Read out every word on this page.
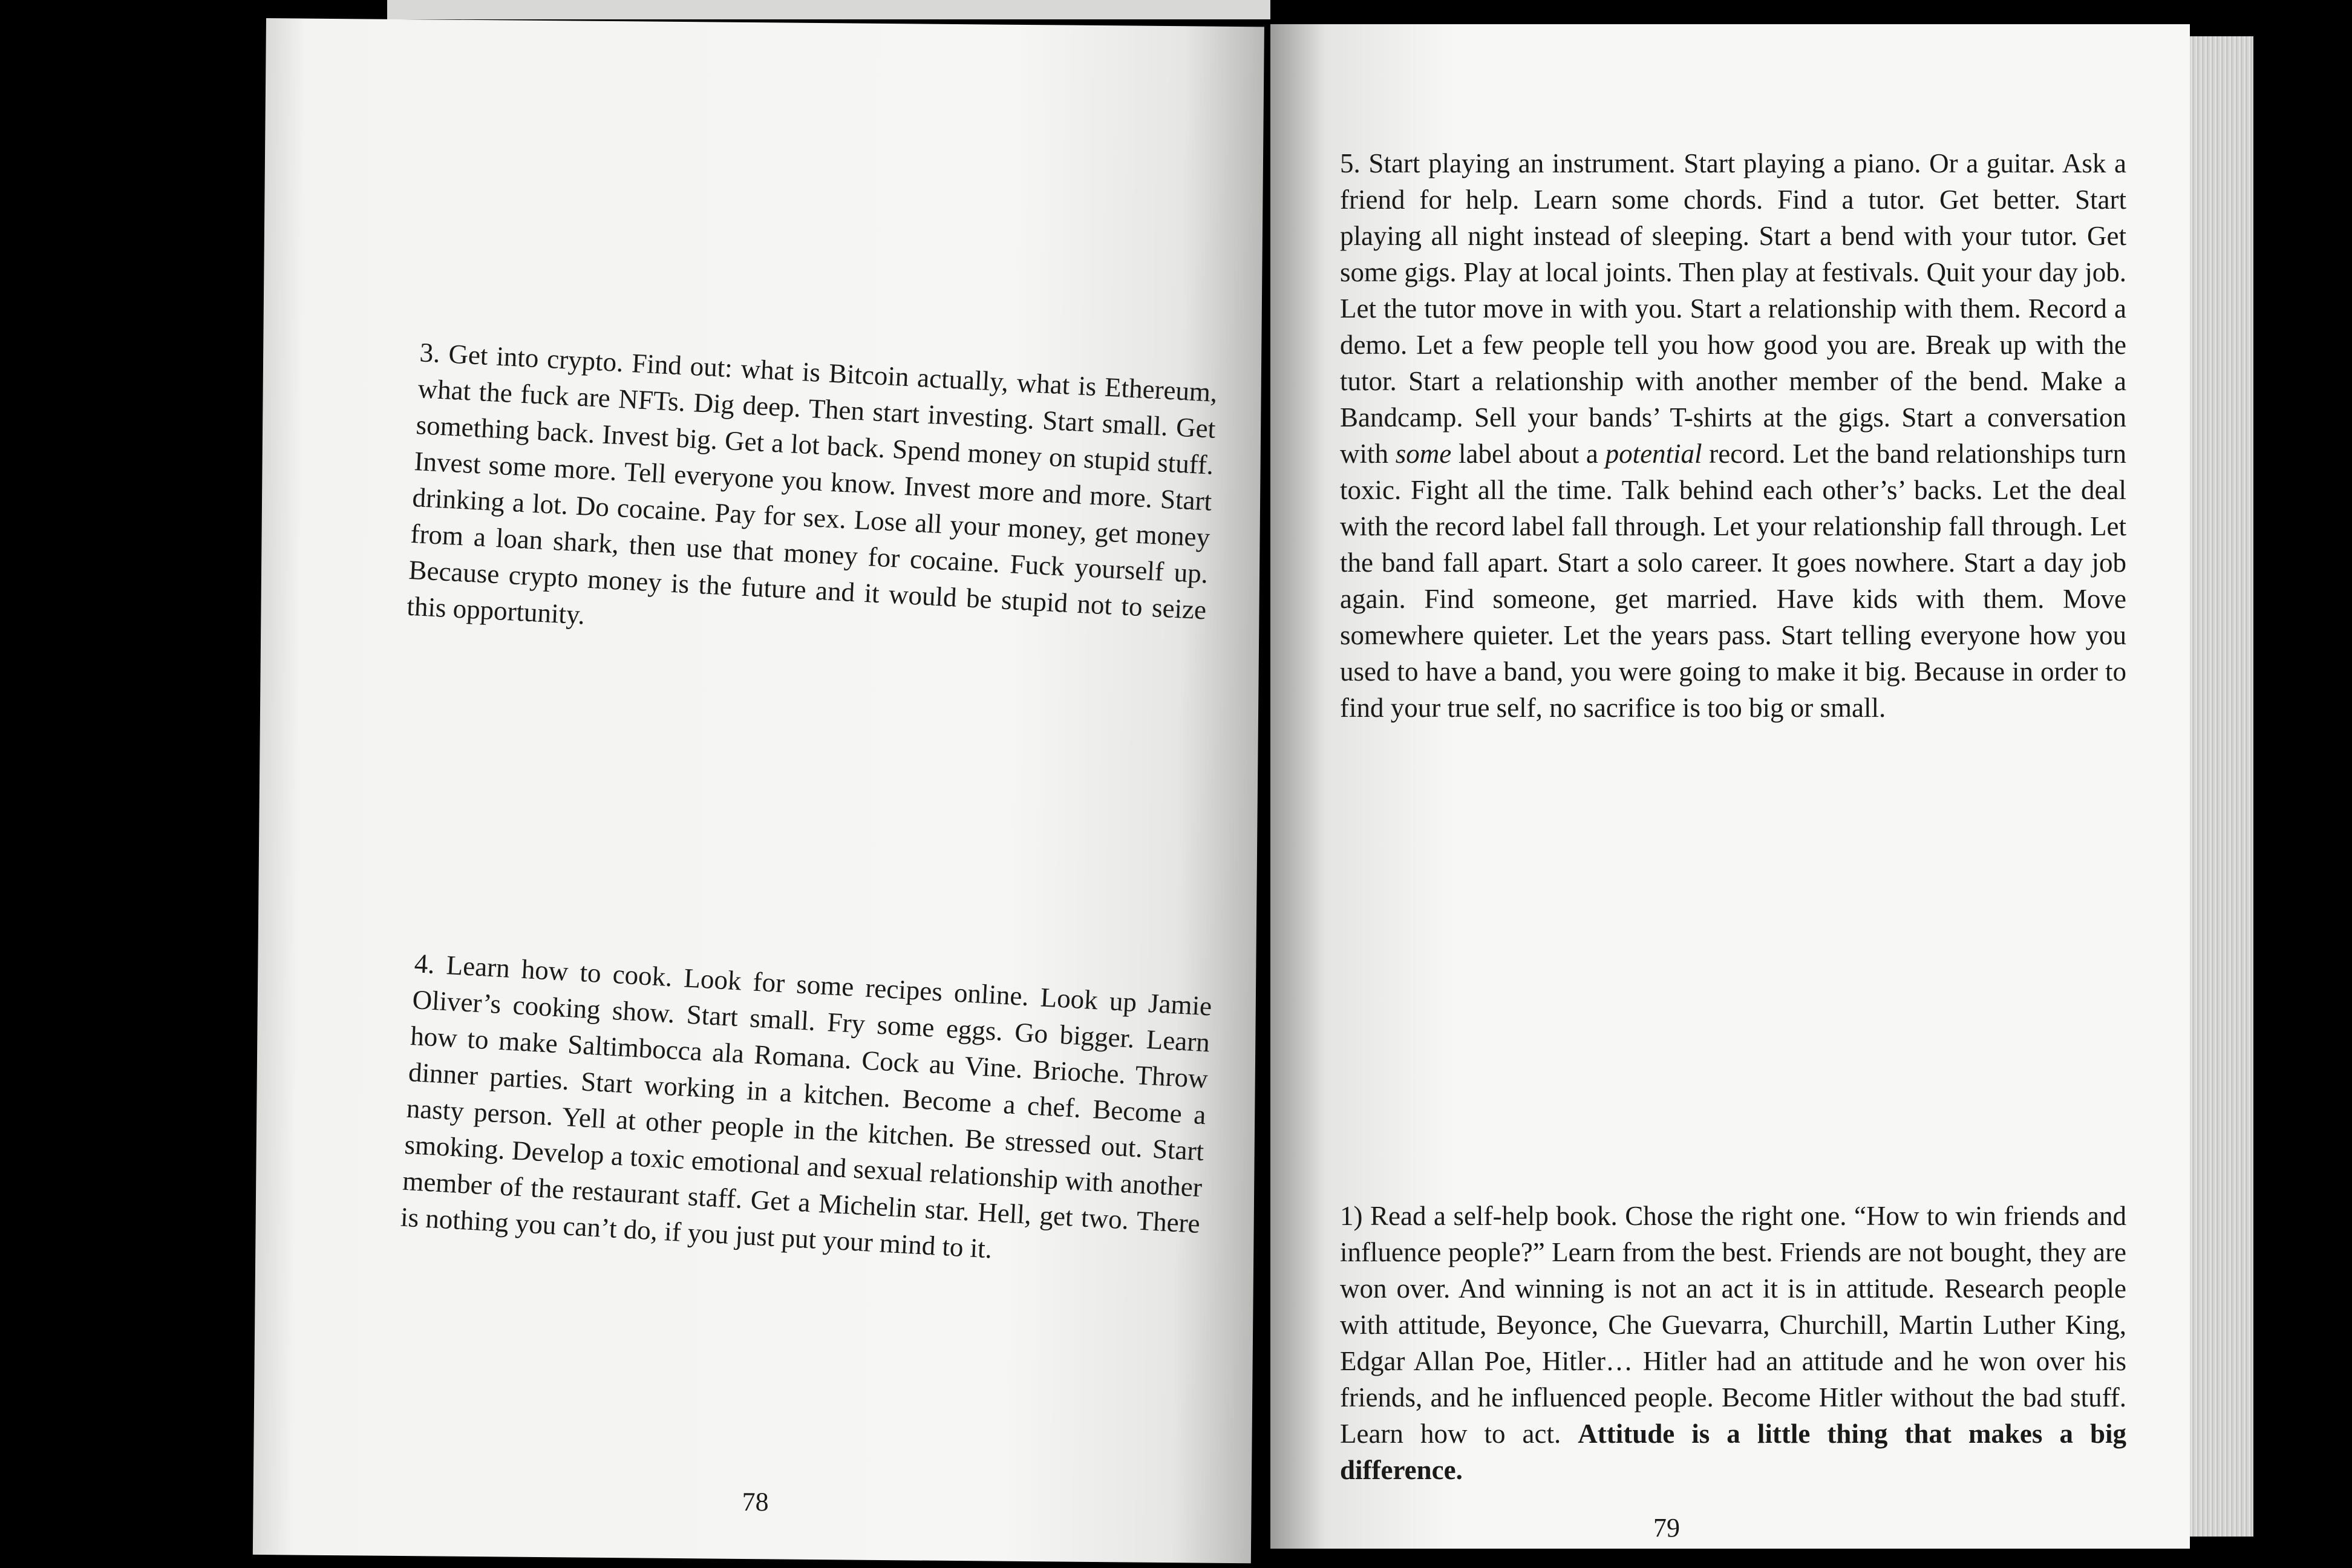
3. Get into crypto. Find out: what is Bitcoin actually, what is Ethereum, what the fuck are NFTs. Dig deep. Then start investing. Start small. Get something back. Invest big. Get a lot back. Spend money on stupid stuff. Invest some more. Tell everyone you know. Invest more and more. Start drinking a lot. Do cocaine. Pay for sex. Lose all your money, get money from a loan shark, then use that money for cocaine. Fuck yourself up. Because crypto money is the future and it would be stupid not to seize this opportunity.

4. Learn how to cook. Look for some recipes online. Look up Jamie Oliver’s cooking show. Start small. Fry some eggs. Go bigger. Learn how to make Saltimbocca ala Romana. Cock au Vine. Brioche. Throw dinner parties. Start working in a kitchen. Become a chef. Become a nasty person. Yell at other people in the kitchen. Be stressed out. Start smoking. Develop a toxic emotional and sexual relationship with another member of the restaurant staff. Get a Michelin star. Hell, get two. There is nothing you can’t do, if you just put your mind to it.

78

5. Start playing an instrument. Start playing a piano. Or a guitar. Ask a friend for help. Learn some chords. Find a tutor. Get better. Start playing all night instead of sleeping. Start a bend with your tutor. Get some gigs. Play at local joints. Then play at festivals. Quit your day job. Let the tutor move in with you. Start a relationship with them. Record a demo. Let a few people tell you how good you are. Break up with the tutor. Start a relationship with another member of the bend. Make a Bandcamp. Sell your bands’ T-shirts at the gigs. Start a conversation with some label about a potential record. Let the band relationships turn toxic. Fight all the time. Talk behind each other’s’ backs. Let the deal with the record label fall through. Let your relationship fall through. Let the band fall apart. Start a solo career. It goes nowhere. Start a day job again. Find someone, get married. Have kids with them. Move somewhere quieter. Let the years pass. Start telling everyone how you used to have a band, you were going to make it big. Because in order to find your true self, no sacrifice is too big or small.

1) Read a self-help book. Chose the right one. “How to win friends and influence people?” Learn from the best. Friends are not bought, they are won over. And winning is not an act it is in attitude. Research people with attitude, Beyonce, Che Guevarra, Churchill, Martin Luther King, Edgar Allan Poe, Hitler… Hitler had an attitude and he won over his friends, and he influenced people. Become Hitler without the bad stuff. Learn how to act. Attitude is a little thing that makes a big difference.

79
